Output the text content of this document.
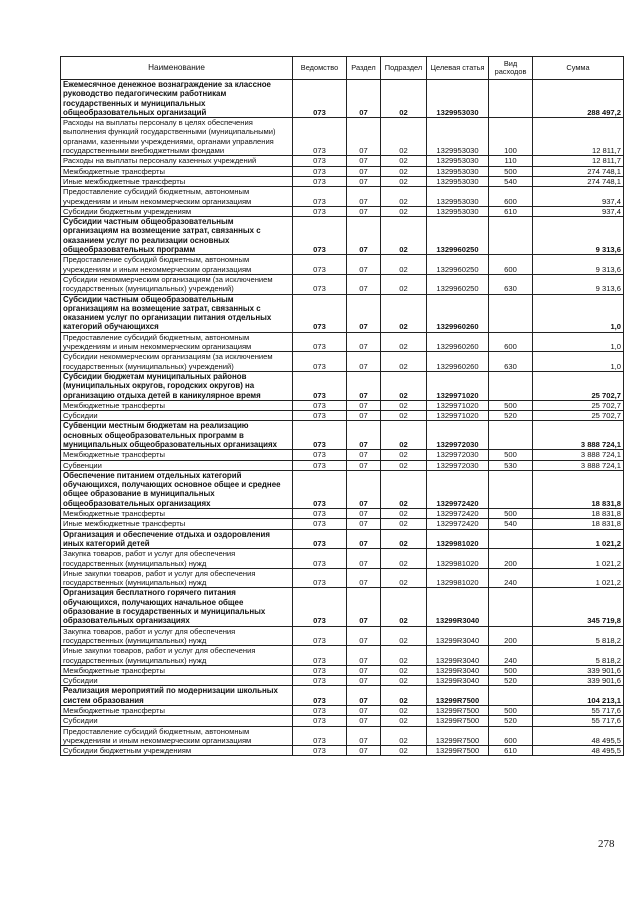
Наименование	Ведомство	Раздел	Подраздел	Целевая статья	Вид расходов	Сумма
Ежемесячное денежное вознаграждение за классное руководство педагогическим работникам государственных и муниципальных общеобразовательных организаций	073	07	02	1329953030		288 497,2
Расходы на выплаты персоналу в целях обеспечения выполнения функций государственными (муниципальными) органами, казенными учреждениями, органами управления государственными внебюджетными фондами	073	07	02	1329953030	100	12 811,7
Расходы на выплаты персоналу казенных учреждений	073	07	02	1329953030	110	12 811,7
Межбюджетные трансферты	073	07	02	1329953030	500	274 748,1
Иные межбюджетные трансферты	073	07	02	1329953030	540	274 748,1
Предоставление субсидий бюджетным, автономным учреждениям и иным некоммерческим организациям	073	07	02	1329953030	600	937,4
Субсидии бюджетным учреждениям	073	07	02	1329953030	610	937,4
Субсидии частным общеобразовательным организациям на возмещение затрат, связанных с оказанием услуг по реализации основных общеобразовательных программ	073	07	02	1329960250		9 313,6
Предоставление субсидий бюджетным, автономным учреждениям и иным некоммерческим организациям	073	07	02	1329960250	600	9 313,6
Субсидии некоммерческим организациям (за исключением государственных (муниципальных) учреждений)	073	07	02	1329960250	630	9 313,6
Субсидии частным общеобразовательным организациям на возмещение затрат, связанных с оказанием услуг по организации питания отдельных категорий обучающихся	073	07	02	1329960260		1,0
Предоставление субсидий бюджетным, автономным учреждениям и иным некоммерческим организациям	073	07	02	1329960260	600	1,0
Субсидии некоммерческим организациям (за исключением государственных (муниципальных) учреждений)	073	07	02	1329960260	630	1,0
Субсидии бюджетам муниципальных районов (муниципальных округов, городских округов) на организацию отдыха детей в каникулярное время	073	07	02	1329971020		25 702,7
Межбюджетные трансферты	073	07	02	1329971020	500	25 702,7
Субсидии	073	07	02	1329971020	520	25 702,7
Субвенции местным бюджетам на реализацию основных общеобразовательных программ в муниципальных общеобразовательных организациях	073	07	02	1329972030		3 888 724,1
Межбюджетные трансферты	073	07	02	1329972030	500	3 888 724,1
Субвенции	073	07	02	1329972030	530	3 888 724,1
Обеспечение питанием отдельных категорий обучающихся, получающих основное общее и среднее общее образование в муниципальных общеобразовательных организациях	073	07	02	1329972420		18 831,8
Межбюджетные трансферты	073	07	02	1329972420	500	18 831,8
Иные межбюджетные трансферты	073	07	02	1329972420	540	18 831,8
Организация и обеспечение отдыха и оздоровления иных категорий детей	073	07	02	1329981020		1 021,2
Закупка товаров, работ и услуг для обеспечения государственных (муниципальных) нужд	073	07	02	1329981020	200	1 021,2
Иные закупки товаров, работ и услуг для обеспечения государственных (муниципальных) нужд	073	07	02	1329981020	240	1 021,2
Организация бесплатного горячего питания обучающихся, получающих начальное общее образование в государственных и муниципальных образовательных организациях	073	07	02	13299R3040		345 719,8
Закупка товаров, работ и услуг для обеспечения государственных (муниципальных) нужд	073	07	02	13299R3040	200	5 818,2
Иные закупки товаров, работ и услуг для обеспечения государственных (муниципальных) нужд	073	07	02	13299R3040	240	5 818,2
Межбюджетные трансферты	073	07	02	13299R3040	500	339 901,6
Субсидии	073	07	02	13299R3040	520	339 901,6
Реализация мероприятий по модернизации школьных систем образования	073	07	02	13299R7500		104 213,1
Межбюджетные трансферты	073	07	02	13299R7500	500	55 717,6
Субсидии	073	07	02	13299R7500	520	55 717,6
Предоставление субсидий бюджетным, автономным учреждениям и иным некоммерческим организациям	073	07	02	13299R7500	600	48 495,5
Субсидии бюджетным учреждениям	073	07	02	13299R7500	610	48 495,5
278
